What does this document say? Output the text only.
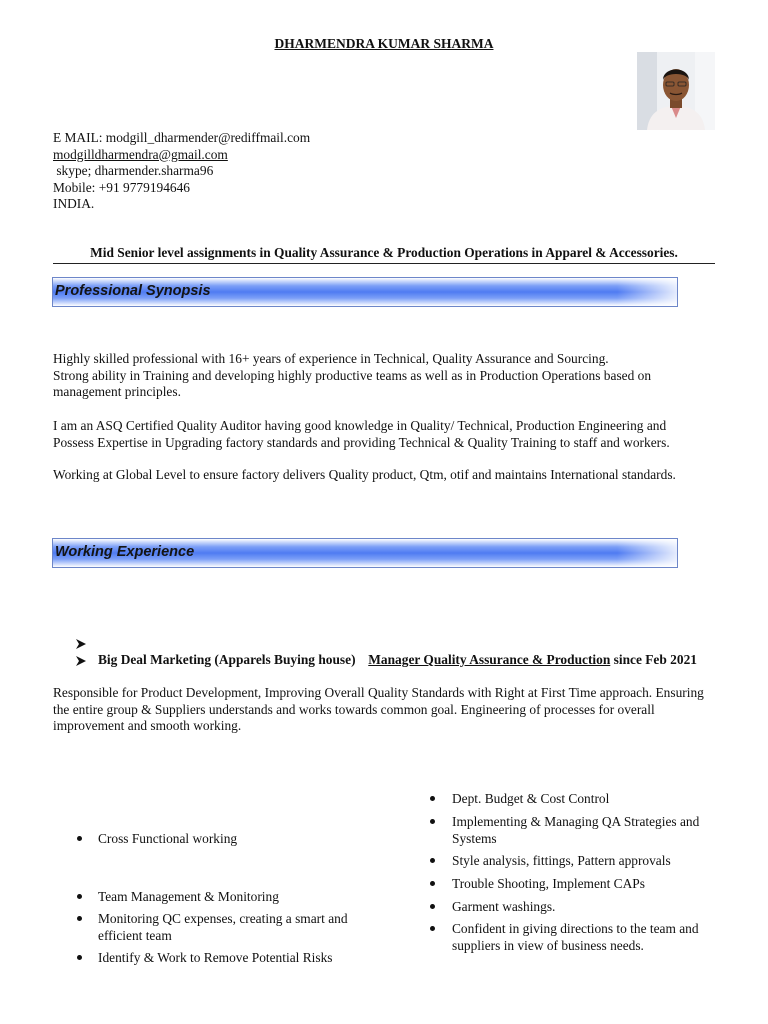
DHARMENDRA KUMAR SHARMA
E MAIL: modgill_dharmender@rediffmail.com
modgilldharmendra@gmail.com
skype; dharmender.sharma96
Mobile: +91 9779194646
INDIA.
Mid Senior level assignments in Quality Assurance & Production Operations in Apparel & Accessories.
Professional Synopsis
Highly skilled professional with 16+ years of experience in Technical, Quality Assurance and Sourcing.
Strong ability in Training and developing highly productive teams as well as in Production Operations based on
management principles.
I am an ASQ Certified Quality Auditor having good knowledge in Quality/ Technical, Production Engineering and
Possess Expertise in Upgrading factory standards and providing Technical & Quality Training to staff and workers.
Working at Global Level to ensure factory delivers Quality product, Qtm, otif and maintains International standards.
Working Experience
Big Deal Marketing (Apparels Buying house) Manager Quality Assurance & Production since Feb 2021
Responsible for Product Development, Improving Overall Quality Standards with Right at First Time approach. Ensuring
the entire group & Suppliers understands and works towards common goal. Engineering of processes for overall
improvement and smooth working.
Cross Functional working
Team Management & Monitoring
Monitoring QC expenses, creating a smart and
efficient team
Identify & Work to Remove Potential Risks
Dept. Budget & Cost Control
Implementing & Managing QA Strategies and
Systems
Style analysis, fittings, Pattern approvals
Trouble Shooting, Implement CAPs
Garment washings.
Confident in giving directions to the team and
suppliers in view of business needs.
